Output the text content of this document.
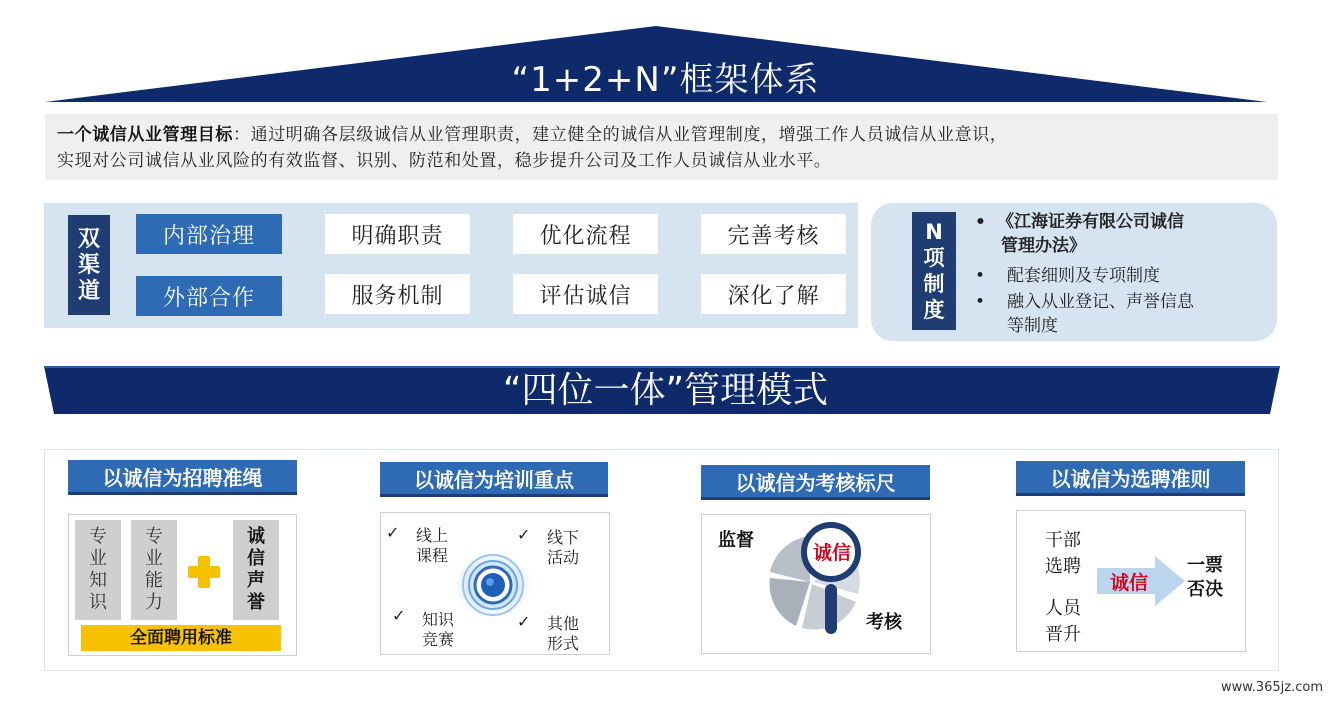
“1+2+N”框架体系
一个诚信从业管理目标：通过明确各层级诚信从业管理职责，建立健全的诚信从业管理制度，增强工作人员诚信从业意识，
实现对公司诚信从业风险的有效监督、识别、防范和处置，稳步提升公司及工作人员诚信从业水平。
双
渠
道
内部治理	明确职责	优化流程	完善考核
外部合作	服务机制	评估诚信	深化了解
N
项
制
度
• 《江海证券有限公司诚信
管理办法》
•	配套细则及专项制度
•	融入从业登记、声誉信息
等制度
“四位一体”管理模式
以诚信为招聘准绳
专
业
知
识
专
业
能
力
诚
信
声
誉
全面聘用标准
以诚信为培训重点
✓ 线上
课程
✓ 线下
活动
✓ 知识
竞赛
✓ 其他
形式
以诚信为考核标尺
监督
考核
诚信
以诚信为选聘准则
干部
选聘
人员
晋升
诚信
一票
否决
www.365jz.com
